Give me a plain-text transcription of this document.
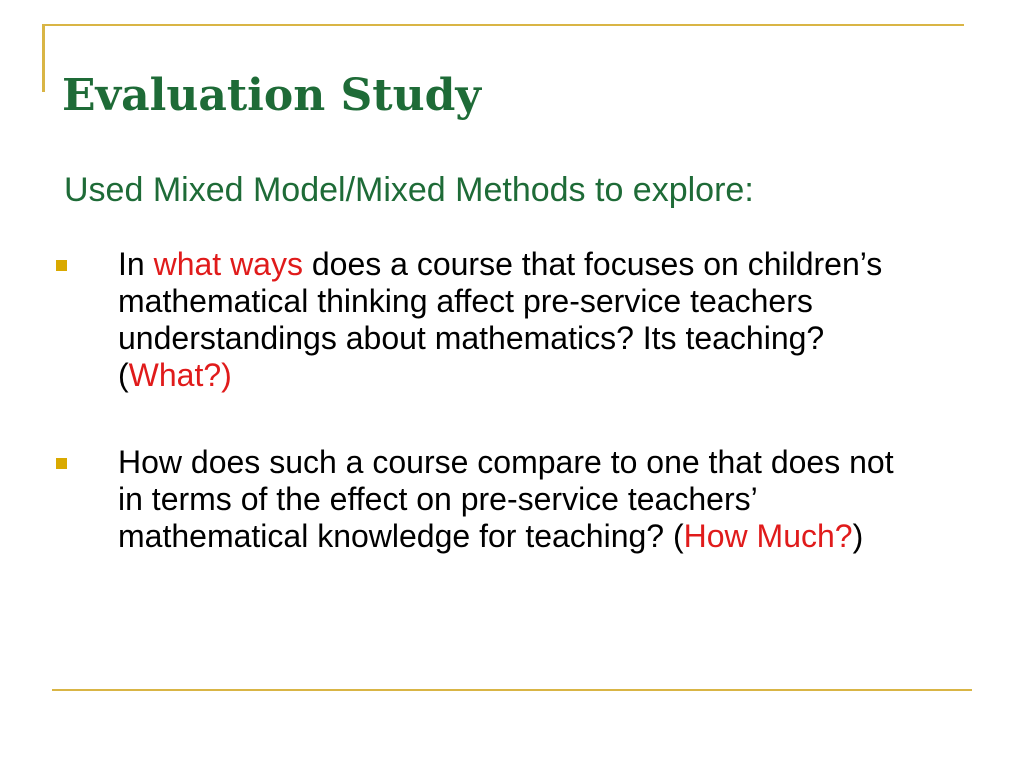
Evaluation Study

Used Mixed Model/Mixed Methods to explore:

In what ways does a course that focuses on children’s mathematical thinking affect pre-service teachers understandings about mathematics? Its teaching? (What?)
How does such a course compare to one that does not in terms of the effect on pre-service teachers’ mathematical knowledge for teaching? (How Much?)
